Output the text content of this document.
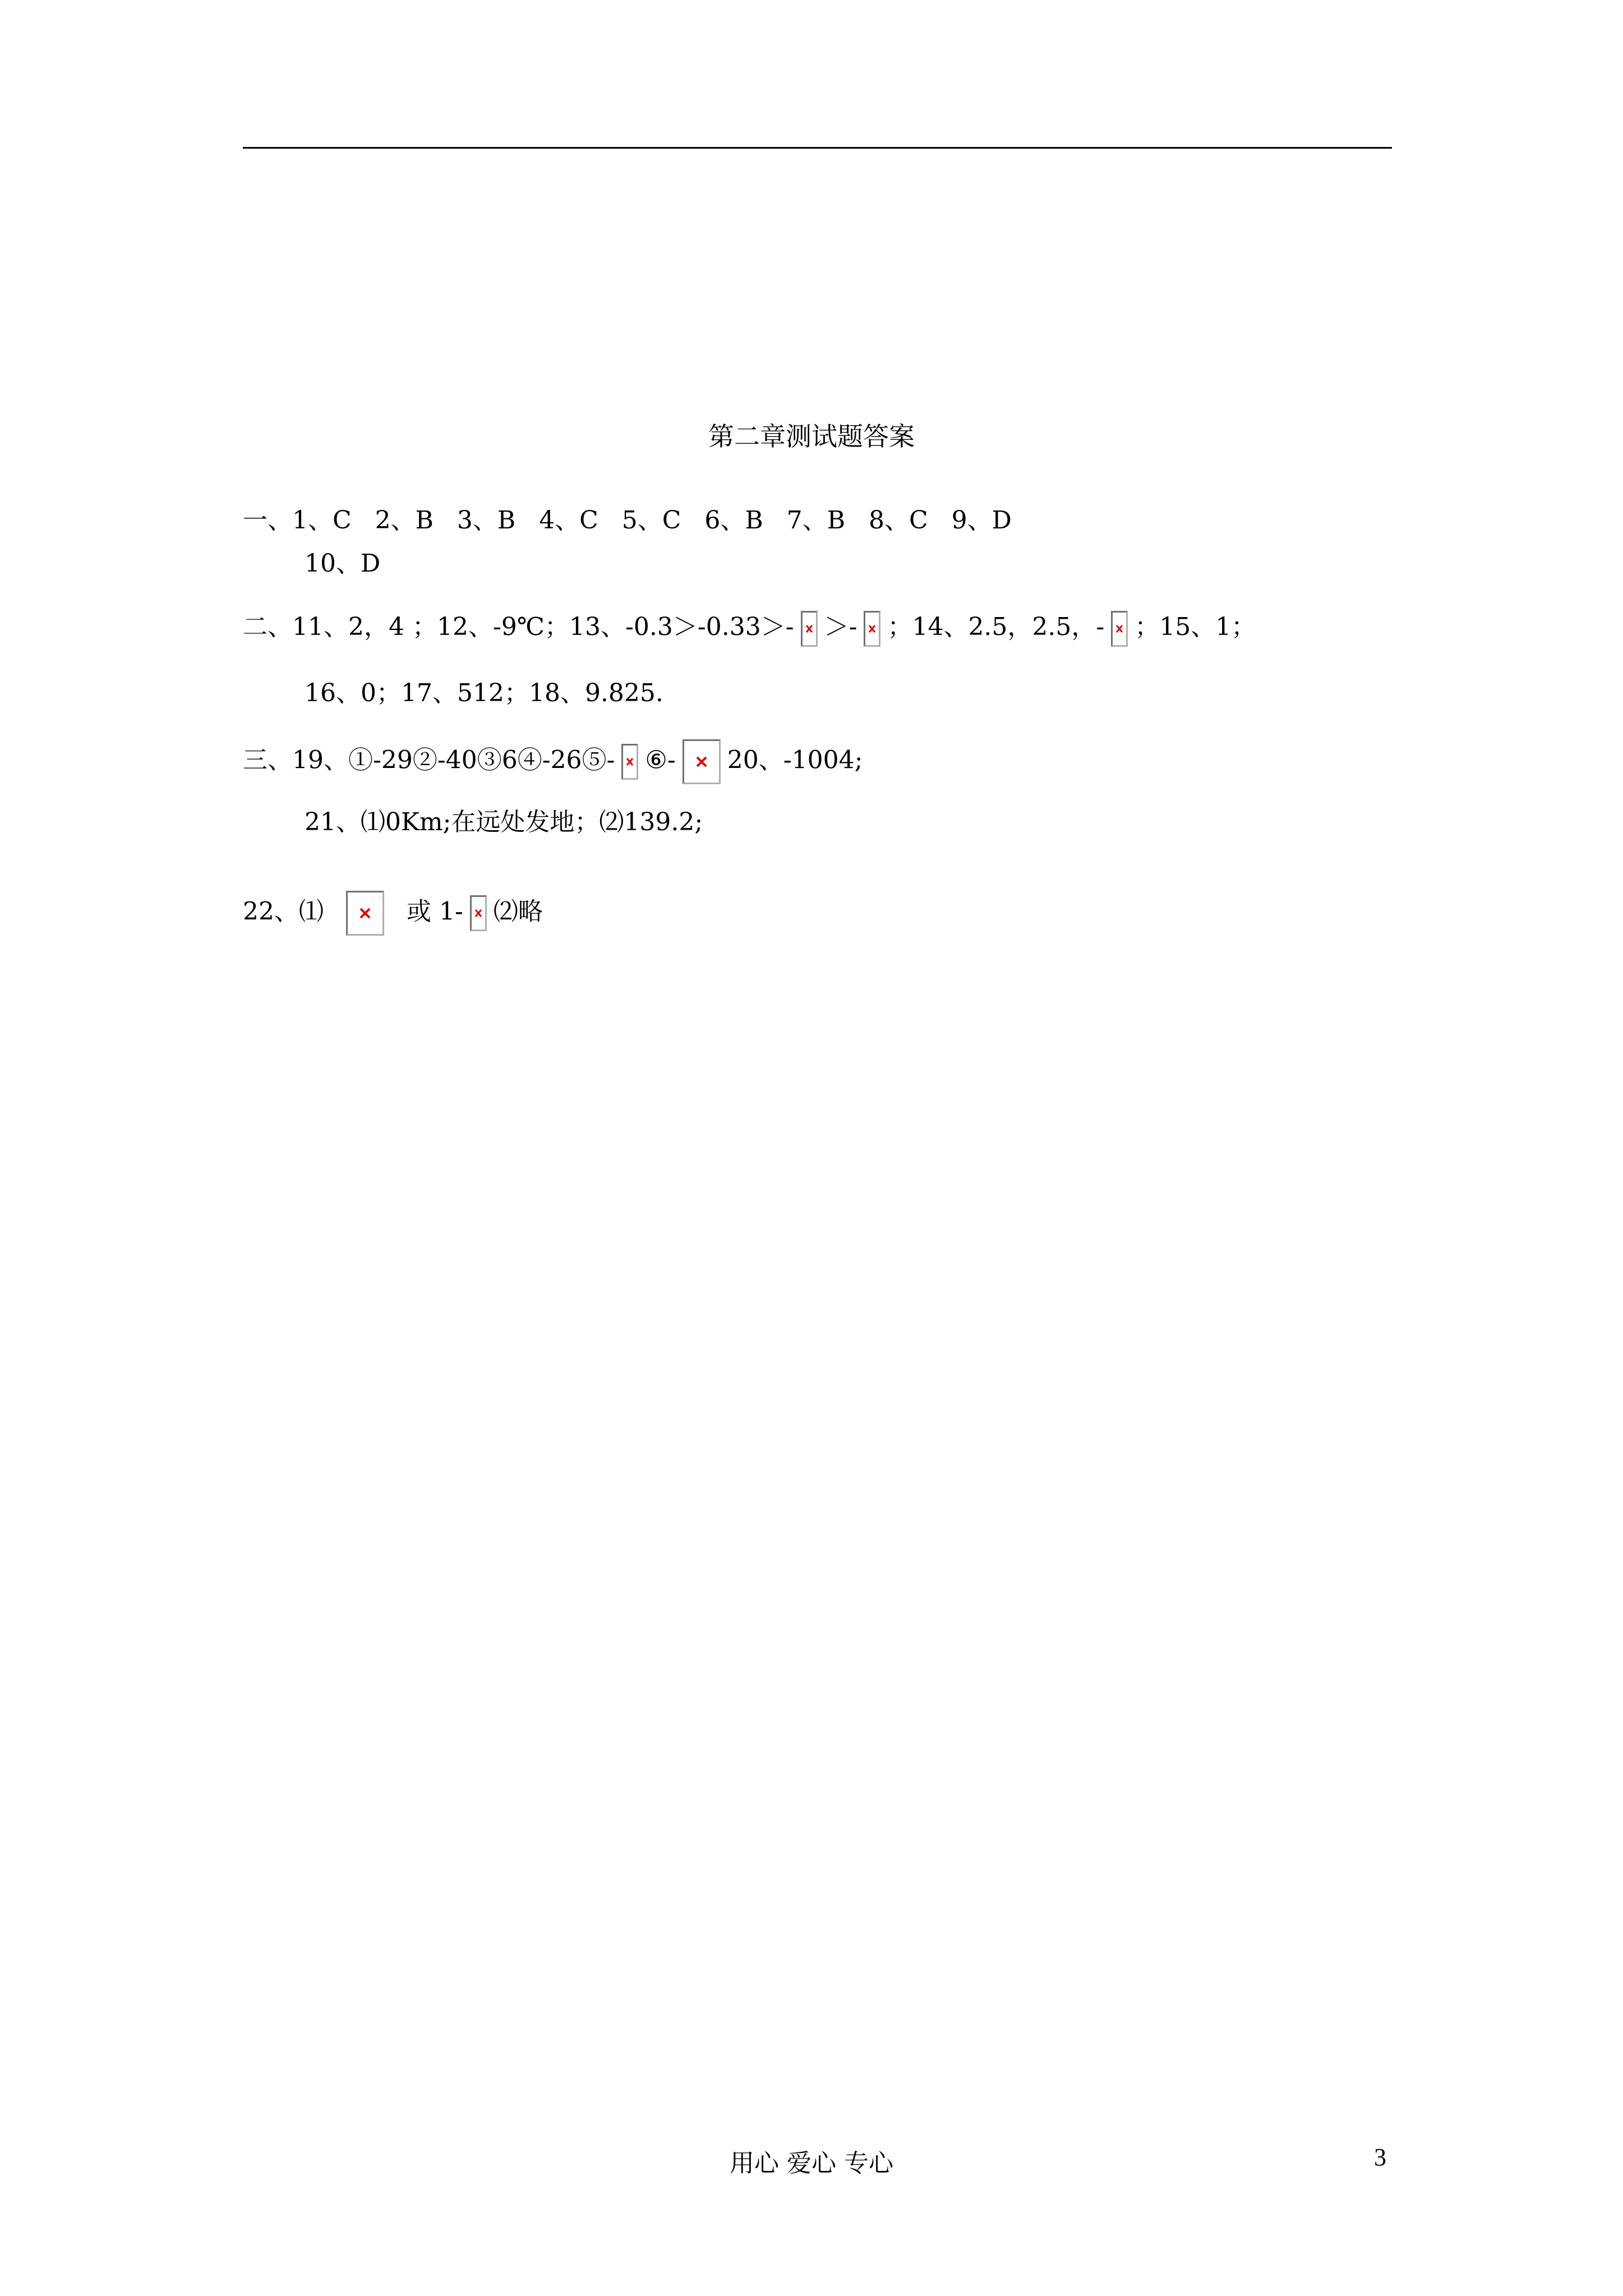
第二章测试题答案
一、1、C   2、B   3、B   4、C   5、C   6、B   7、B   8、C   9、D
10、D
二、11、2，4 ；12、-9℃；13、-0.3＞-0.33＞- ＞- ；14、2.5，2.5，- ；15、1；
16、0；17、512；18、9.825.
三、19、①-29②-40③6④-26⑤- ⑥- 20、-1004;
21、⑴0Km;在远处发地；⑵139.2;
22、⑴	或 1- ⑵略
用心 爱心 专心	3
